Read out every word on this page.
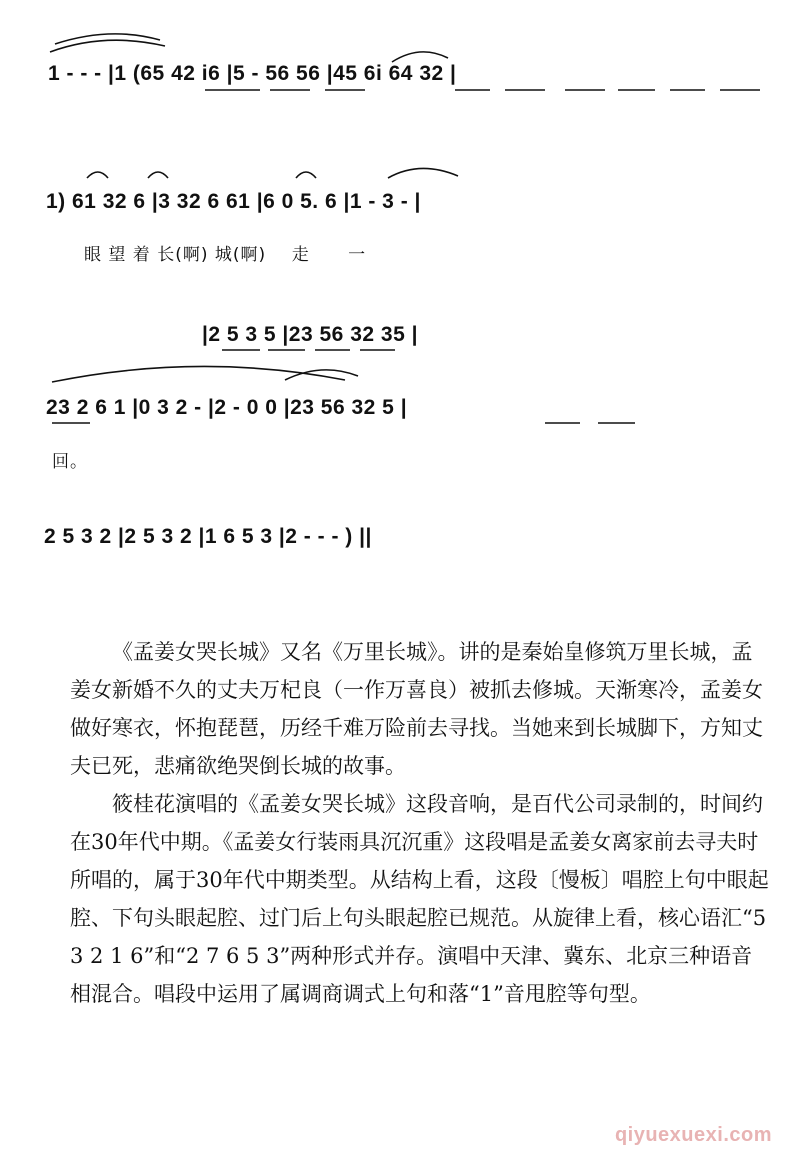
1 - - - |1 (65 42 i6 |5 - 56 56 |45 6i 64 32 |
1) 61 32 6 |3 32 6 61 |6 0 5. 6 |1 - 3 - |
眼 望 着 长(啊) 城(啊)    走      一
|2 5 3 5 |23 56 32 35 |
23 2 6 1 |0 3 2 - |2 - 0 0 |23 56 32 5 |
回。
2 5 3 2 |2 5 3 2 |1 6 5 3 |2 - - - ) ||

《孟姜女哭长城》又名《万里长城》。讲的是秦始皇修筑万里长城，孟姜女新婚不久的丈夫万杞良（一作万喜良）被抓去修城。天渐寒冷，孟姜女做好寒衣，怀抱琵琶，历经千难万险前去寻找。当她来到长城脚下，方知丈夫已死，悲痛欲绝哭倒长城的故事。

筱桂花演唱的《孟姜女哭长城》这段音响，是百代公司录制的，时间约在30年代中期。《孟姜女行装雨具沉沉重》这段唱是孟姜女离家前去寻夫时所唱的，属于30年代中期类型。从结构上看，这段〔慢板〕唱腔上句中眼起腔、下句头眼起腔、过门后上句头眼起腔已规范。从旋律上看，核心语汇“5 3 2 1 6”和“2 7 6 5 3”两种形式并存。演唱中天津、冀东、北京三种语音相混合。唱段中运用了属调商调式上句和落“1”音甩腔等句型。

qiyuexuexi.com
